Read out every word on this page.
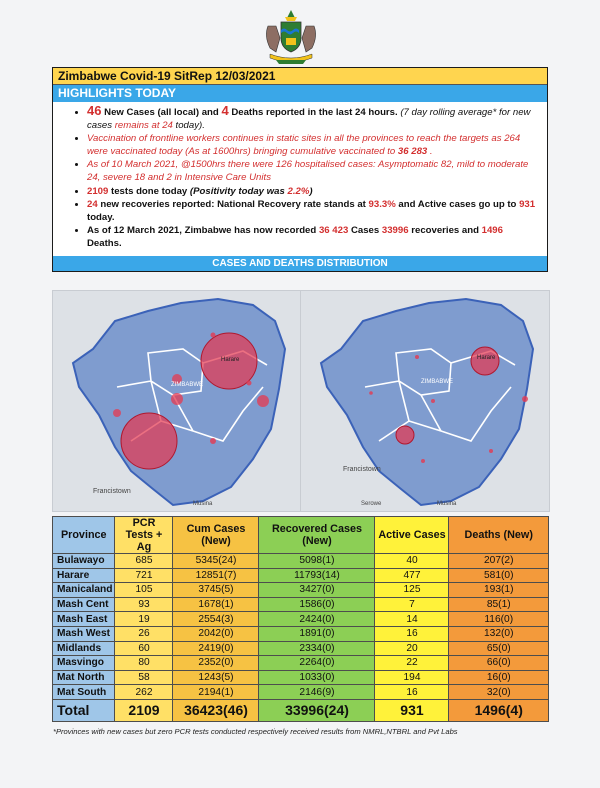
Zimbabwe Covid-19 SitRep 12/03/2021
HIGHLIGHTS TODAY
• 46 New Cases (all local) and 4 Deaths reported in the last 24 hours. (7 day rolling average* for new cases remains at 24 today).
• Vaccination of frontline workers continues in static sites in all the provinces to reach the targets as 264 were vaccinated today (As at 1600hrs) bringing cumulative vaccinated to 36 283 .
• As of 10 March 2021, @1500hrs there were 126 hospitalised cases: Asymptomatic 82, mild to moderate 24, severe 18 and 2 in Intensive Care Units
• 2109 tests done today (Positivity today was 2.2%)
• 24 new recoveries reported: National Recovery rate stands at 93.3% and Active cases go up to 931 today.
• As of 12 March 2021, Zimbabwe has now recorded 36 423 Cases 33996 recoveries and 1496 Deaths.
CASES AND DEATHS DISTRIBUTION
ZIMBABWE
Francistown
Harare
Musina
ZIMBABWE
Francistown
Harare
Serowe	Musina
Province	PCR Tests + Ag	Cum Cases (New)	Recovered Cases (New)	Active Cases	Deaths (New)
Bulawayo	685	5345(24)	5098(1)	40	207(2)
Harare	721	12851(7)	11793(14)	477	581(0)
Manicaland	105	3745(5)	3427(0)	125	193(1)
Mash Cent	93	1678(1)	1586(0)	7	85(1)
Mash East	19	2554(3)	2424(0)	14	116(0)
Mash West	26	2042(0)	1891(0)	16	132(0)
Midlands	60	2419(0)	2334(0)	20	65(0)
Masvingo	80	2352(0)	2264(0)	22	66(0)
Mat North	58	1243(5)	1033(0)	194	16(0)
Mat South	262	2194(1)	2146(9)	16	32(0)
Total	2109	36423(46)	33996(24)	931	1496(4)
*Provinces with new cases but zero PCR tests conducted respectively received results from NMRL,NTBRL and Pvt Labs
